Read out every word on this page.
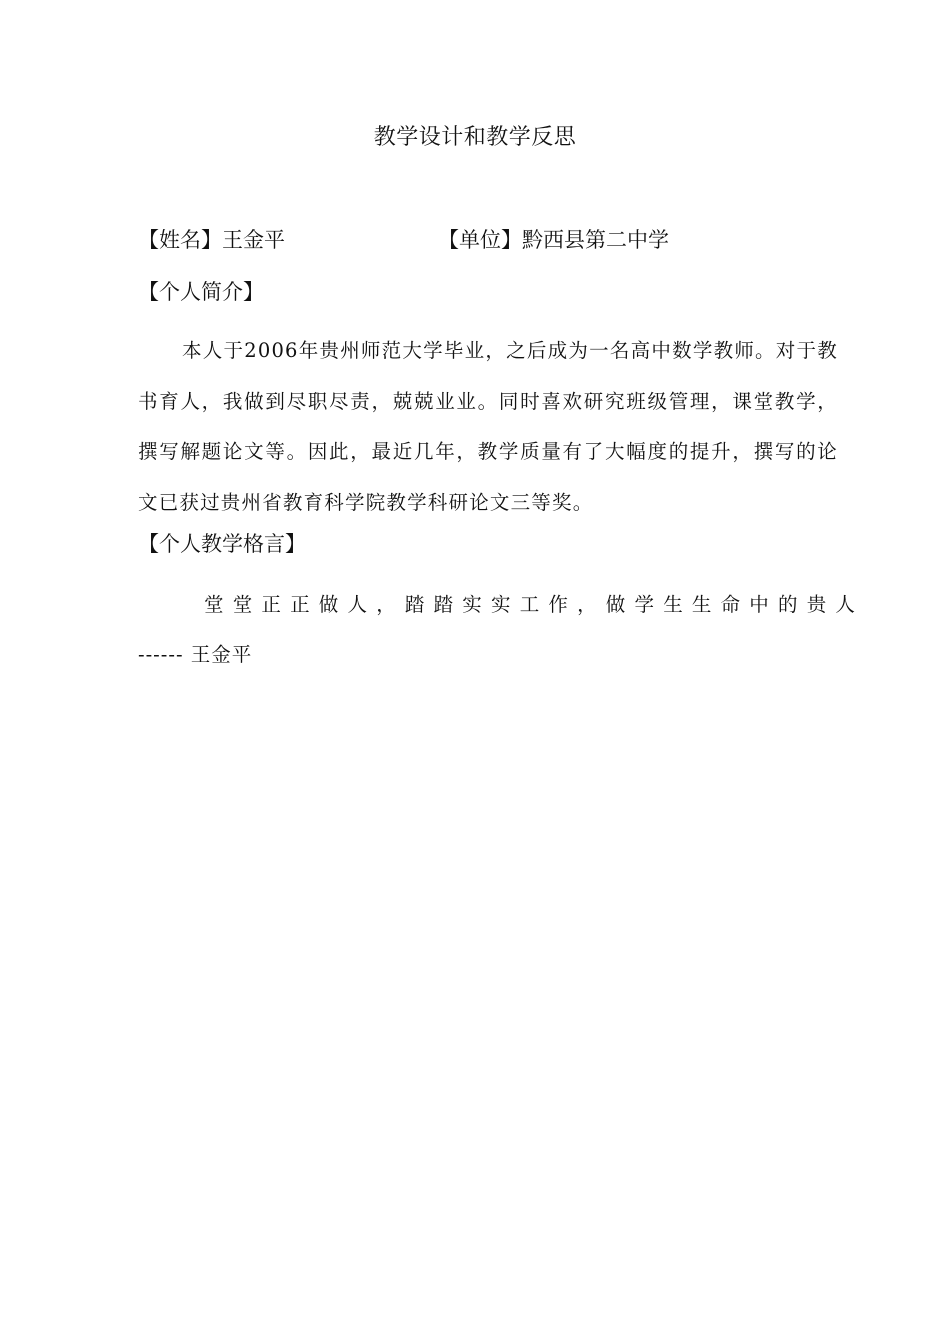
教学设计和教学反思
【姓名】王金平	【单位】黔西县第二中学
【个人简介】

本人于2006年贵州师范大学毕业，之后成为一名高中数学教师。对于教书育人，我做到尽职尽责，兢兢业业。同时喜欢研究班级管理，课堂教学，撰写解题论文等。因此，最近几年，教学质量有了大幅度的提升，撰写的论文已获过贵州省教育科学院教学科研论文三等奖。

【个人教学格言】
堂堂正正做人，踏踏实实工作，做学生生命中的贵人
------ 王金平
